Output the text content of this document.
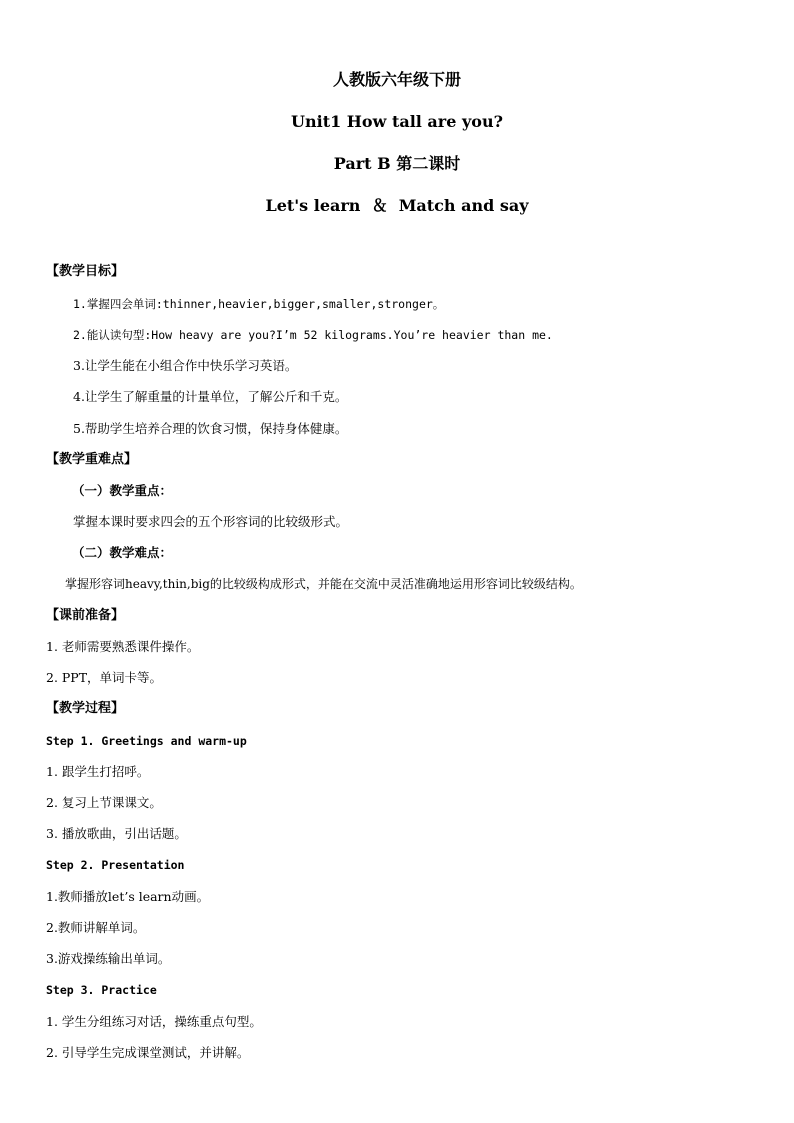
人教版六年级下册
Unit1 How tall are you?
Part B 第二课时
Let's learn  ＆  Match and say
【教学目标】
1.掌握四会单词:thinner,heavier,bigger,smaller,stronger。
2.能认读句型:How heavy are you?I’m 52 kilograms.You’re heavier than me.
3.让学生能在小组合作中快乐学习英语。
4.让学生了解重量的计量单位，了解公斤和千克。
5.帮助学生培养合理的饮食习惯，保持身体健康。
【教学重难点】
（一）教学重点：
掌握本课时要求四会的五个形容词的比较级形式。
（二）教学难点：
掌握形容词heavy,thin,big的比较级构成形式，并能在交流中灵活准确地运用形容词比较级结构。
【课前准备】
1. 老师需要熟悉课件操作。
2. PPT，单词卡等。
【教学过程】
Step 1. Greetings and warm-up
1. 跟学生打招呼。
2. 复习上节课课文。
3. 播放歌曲，引出话题。
Step 2. Presentation
1.教师播放let’s learn动画。
2.教师讲解单词。
3.游戏操练输出单词。
Step 3. Practice
1. 学生分组练习对话，操练重点句型。
2. 引导学生完成课堂测试，并讲解。
